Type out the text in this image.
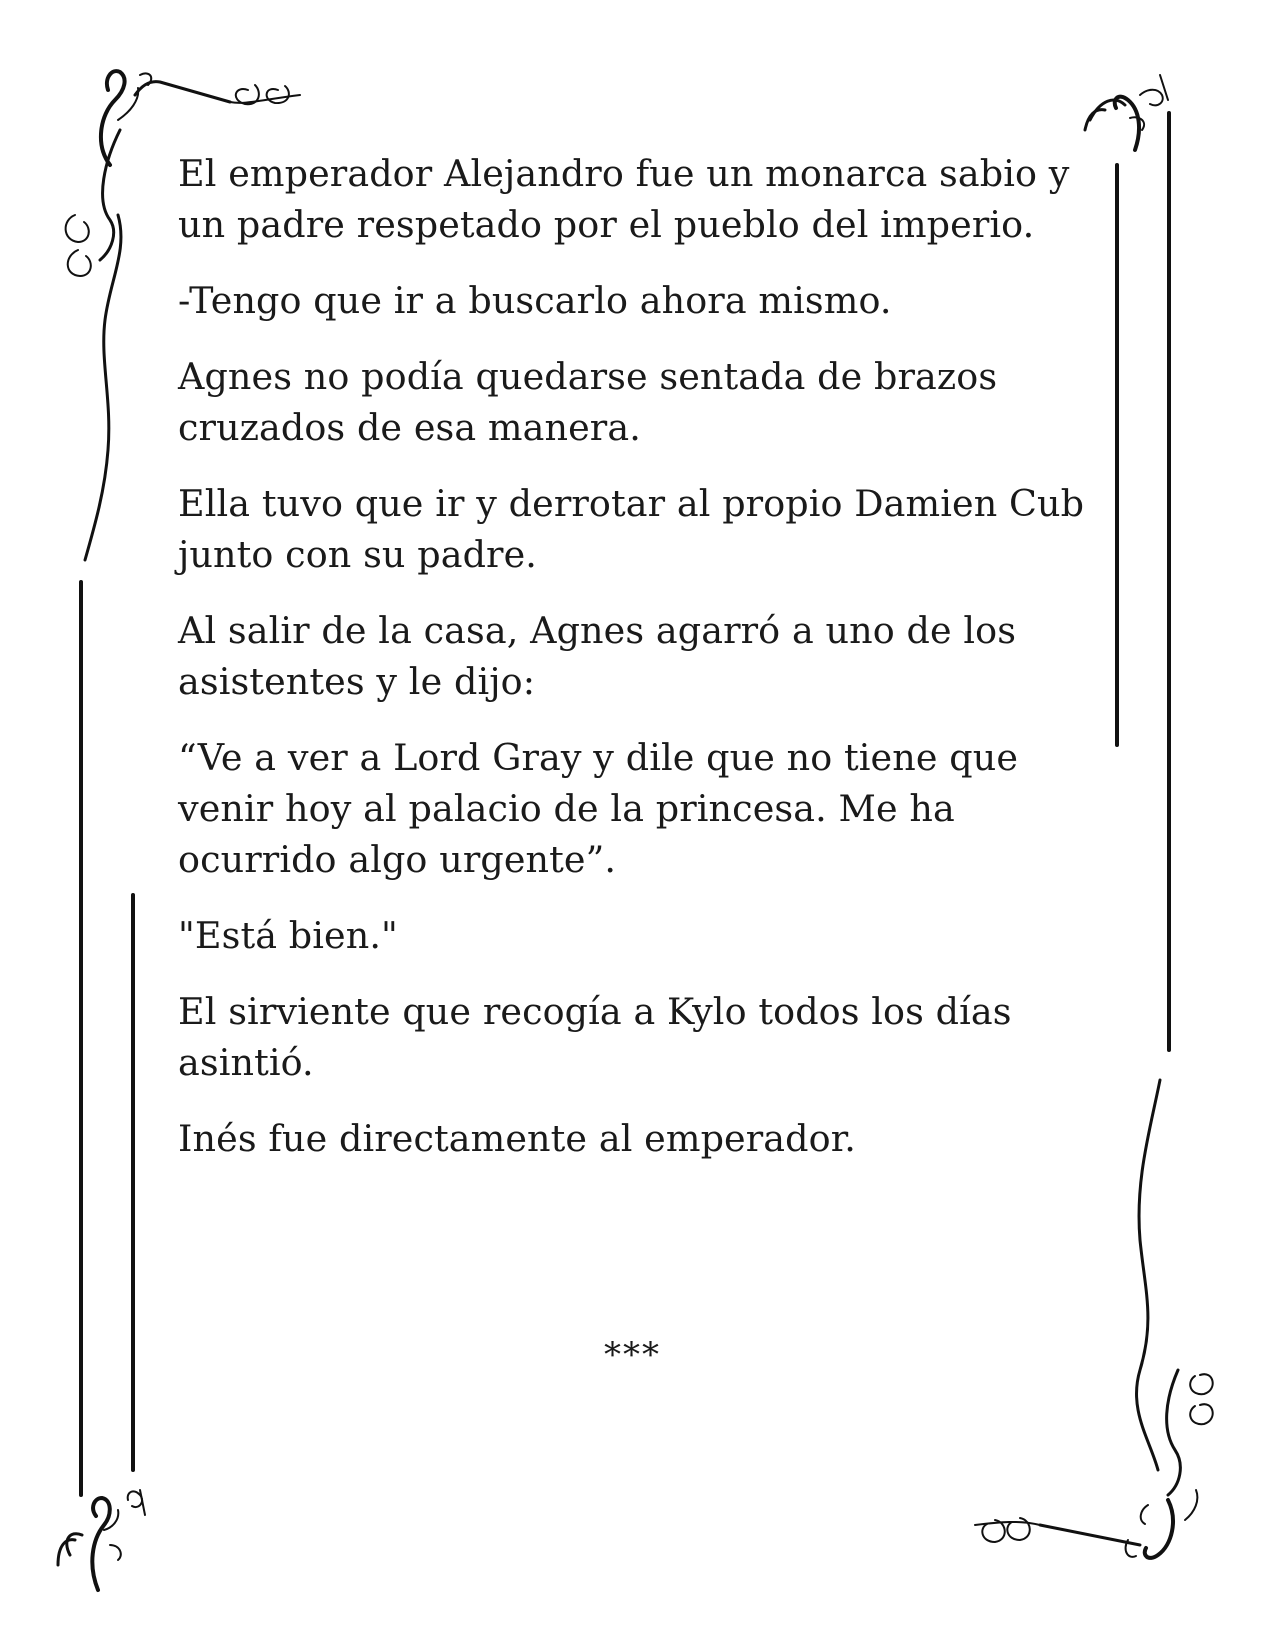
El emperador Alejandro fue un monarca sabio y un padre respetado por el pueblo del imperio.

-Tengo que ir a buscarlo ahora mismo.

Agnes no podía quedarse sentada de brazos cruzados de esa manera.

Ella tuvo que ir y derrotar al propio Damien Cub junto con su padre.

Al salir de la casa, Agnes agarró a uno de los asistentes y le dijo:

“Ve a ver a Lord Gray y dile que no tiene que venir hoy al palacio de la princesa. Me ha ocurrido algo urgente”.

"Está bien."

El sirviente que recogía a Kylo todos los días asintió.

Inés fue directamente al emperador.

***
